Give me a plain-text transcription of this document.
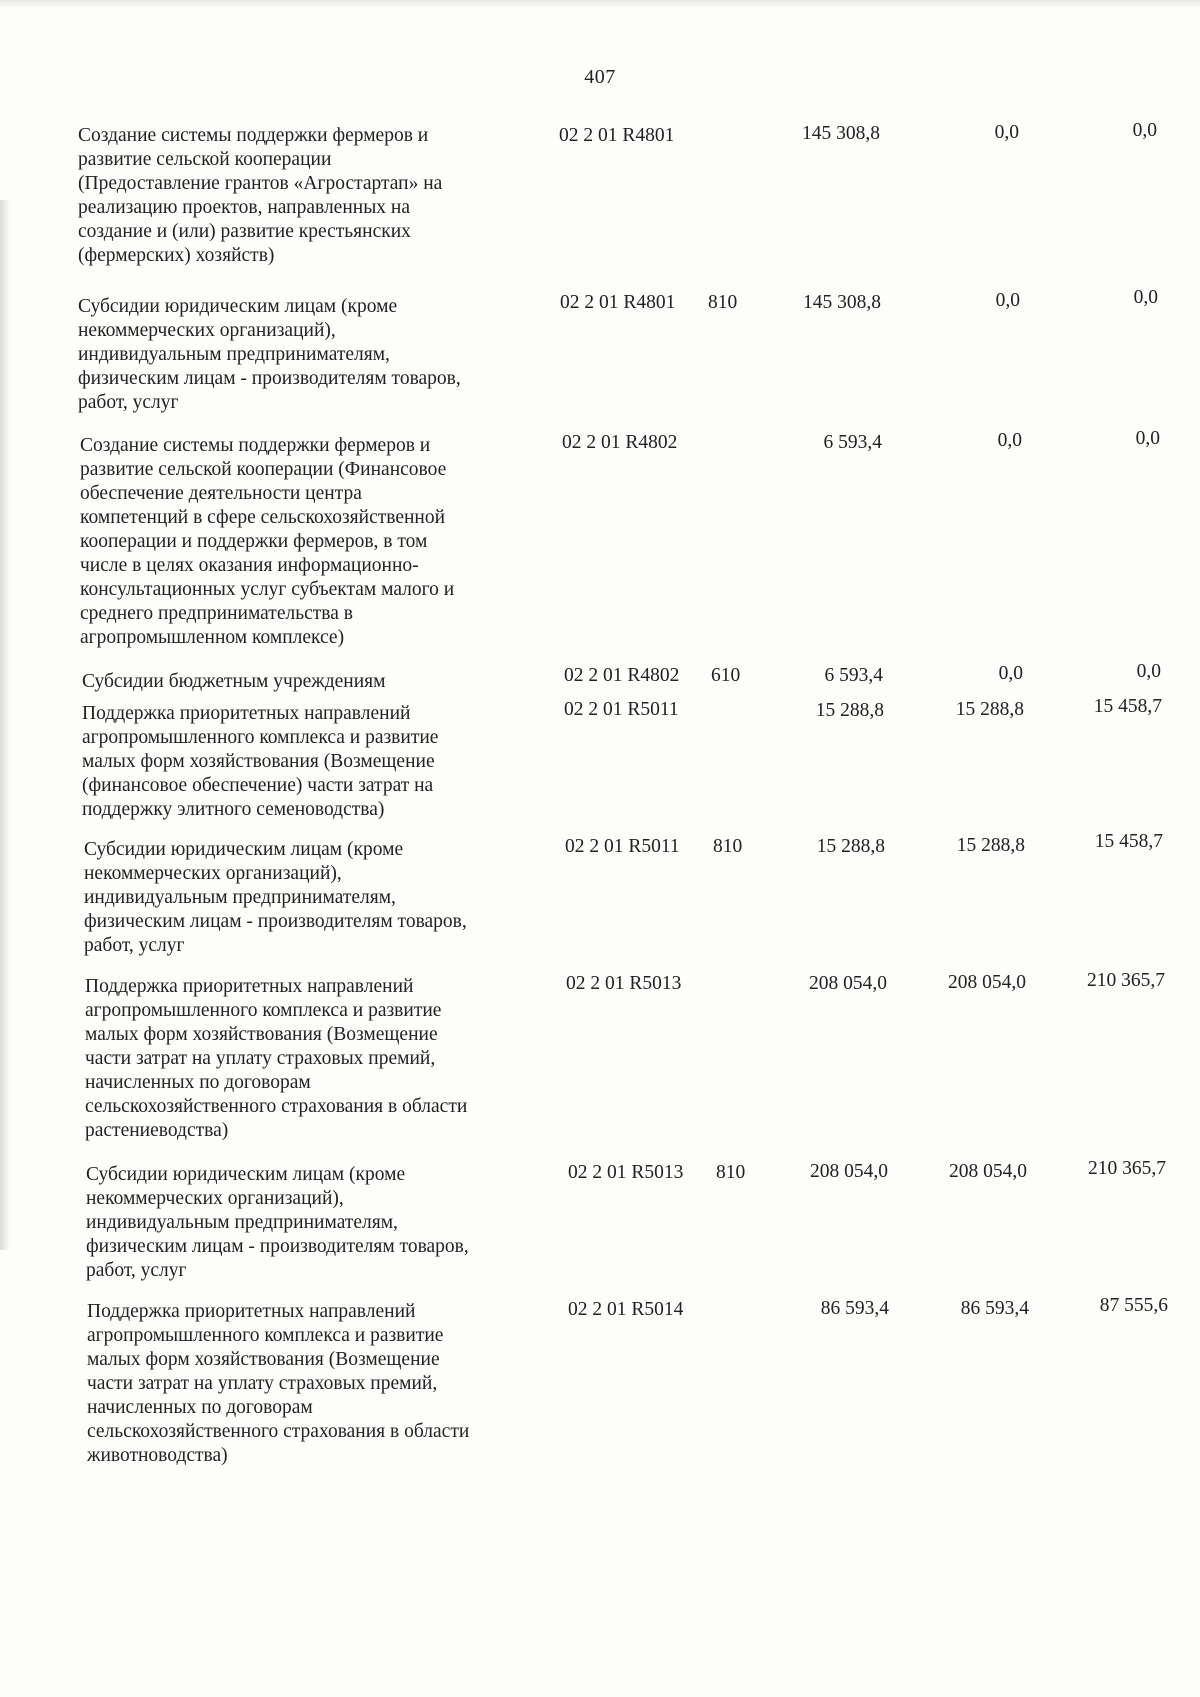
407
Создание системы поддержки фермеров и
развитие сельской кооперации
(Предоставление грантов «Агростартап» на
реализацию проектов, направленных на
создание и (или) развитие крестьянских
(фермерских) хозяйств)
02 2 01 R4801	145 308,8	0,0	0,0
Субсидии юридическим лицам (кроме
некоммерческих организаций),
индивидуальным предпринимателям,
физическим лицам - производителям товаров,
работ, услуг
02 2 01 R4801	810	145 308,8	0,0	0,0
Создание системы поддержки фермеров и
развитие сельской кооперации (Финансовое
обеспечение деятельности центра
компетенций в сфере сельскохозяйственной
кооперации и поддержки фермеров, в том
числе в целях оказания информационно-
консультационных услуг субъектам малого и
среднего предпринимательства в
агропромышленном комплексе)
02 2 01 R4802	6 593,4	0,0	0,0
Субсидии бюджетным учреждениям	02 2 01 R4802	610	6 593,4	0,0	0,0
Поддержка приоритетных направлений
агропромышленного комплекса и развитие
малых форм хозяйствования (Возмещение
(финансовое обеспечение) части затрат на
поддержку элитного семеноводства)
02 2 01 R5011	15 288,8	15 288,8	15 458,7
Субсидии юридическим лицам (кроме
некоммерческих организаций),
индивидуальным предпринимателям,
физическим лицам - производителям товаров,
работ, услуг
02 2 01 R5011	810	15 288,8	15 288,8	15 458,7
Поддержка приоритетных направлений
агропромышленного комплекса и развитие
малых форм хозяйствования (Возмещение
части затрат на уплату страховых премий,
начисленных по договорам
сельскохозяйственного страхования в области
растениеводства)
02 2 01 R5013	208 054,0	208 054,0	210 365,7
Субсидии юридическим лицам (кроме
некоммерческих организаций),
индивидуальным предпринимателям,
физическим лицам - производителям товаров,
работ, услуг
02 2 01 R5013	810	208 054,0	208 054,0	210 365,7
Поддержка приоритетных направлений
агропромышленного комплекса и развитие
малых форм хозяйствования (Возмещение
части затрат на уплату страховых премий,
начисленных по договорам
сельскохозяйственного страхования в области
животноводства)
02 2 01 R5014	86 593,4	86 593,4	87 555,6
